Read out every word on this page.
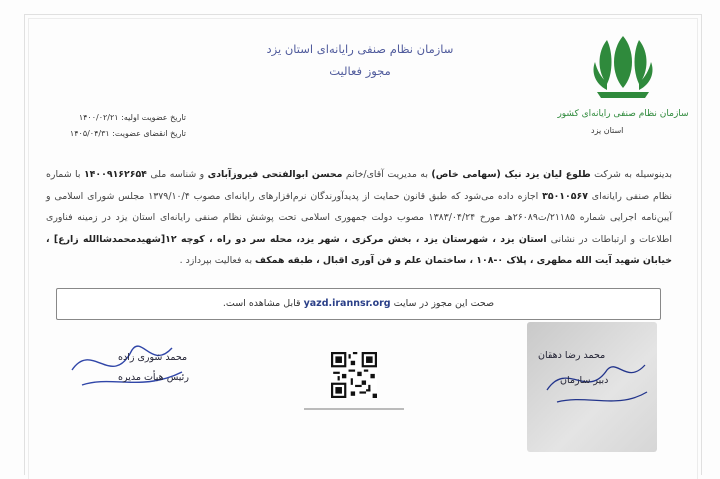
سازمان نظام صنفی رایانه‌ای کشور
استان یزد
سازمان نظام صنفی رایانه‌ای استان یزد
مجوز فعالیت
تاریخ عضویت اولیه: ۱۴۰۰/۰۲/۲۱
تاریخ انقضای عضویت: ۱۴۰۵/۰۴/۳۱
بدینوسیله به شرکت طلوع لیان یزد نیک (سهامی خاص) به مدیریت آقای/خانم محسن ابوالفتحی فیروزآبادی و شناسه ملی ۱۴۰۰۹۱۶۲۶۵۴ با شماره نظام صنفی رایانه‌ای ۳۵۰۱۰۵۶۷ اجازه داده می‌شود که طبق قانون حمایت از پدیدآورندگان نرم‌افزارهای رایانه‌ای مصوب ۱۳۷۹/۱۰/۴ مجلس شورای اسلامی و آیین‌نامه اجرایی شماره ۲۱۱۸۵/ت۲۶۰۸۹هـ مورخ ۱۳۸۳/۰۴/۲۴ مصوب دولت جمهوری اسلامی تحت پوشش نظام صنفی رایانه‌ای استان یزد در زمینه فناوری اطلاعات و ارتباطات در نشانی استان یزد ، شهرستان یزد ، بخش مرکزی ، شهر یزد، محله سر دو راه ، کوچه ۱۲[شهیدمحمدشاالله زارع] ، خیابان شهید آیت الله مطهری ، پلاک ۰-۱۰۸ ، ساختمان علم و فن آوری اقبال ، طبقه همکف به فعالیت بپردازد .
صحت این مجوز در سایت yazd.irannsr.org قابل مشاهده است.
محمد شوری زاده
رئیس هیأت مدیره
محمد رضا دهقان
دبیر سازمان
